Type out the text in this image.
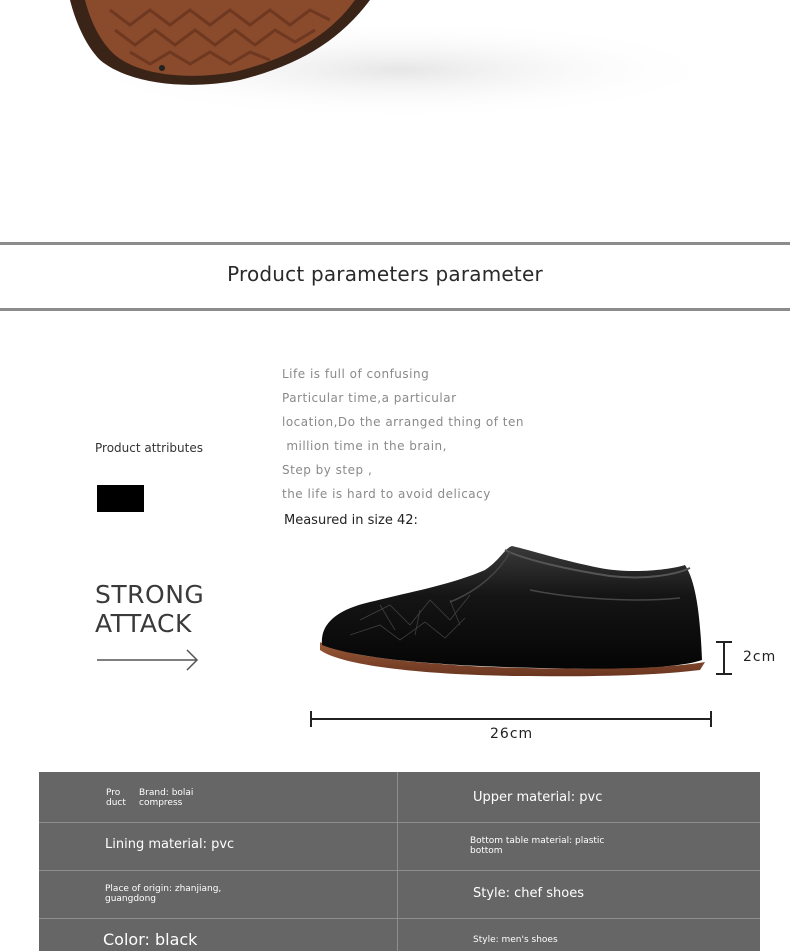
Product parameters parameter
Product attributes
Life is full of confusing
Particular time,a particular
location,Do the arranged thing of ten
million time in the brain,
Step by step ,
the life is hard to avoid delicacy
Measured in size 42:
STRONG
ATTACK
26cm
2cm
Pro
duct
Brand: bolai
compress	Upper material: pvc
Lining material: pvc	Bottom table material: plastic
bottom
Place of origin: zhanjiang,
guangdong	Style: chef shoes
Color: black	Style: men's shoes
